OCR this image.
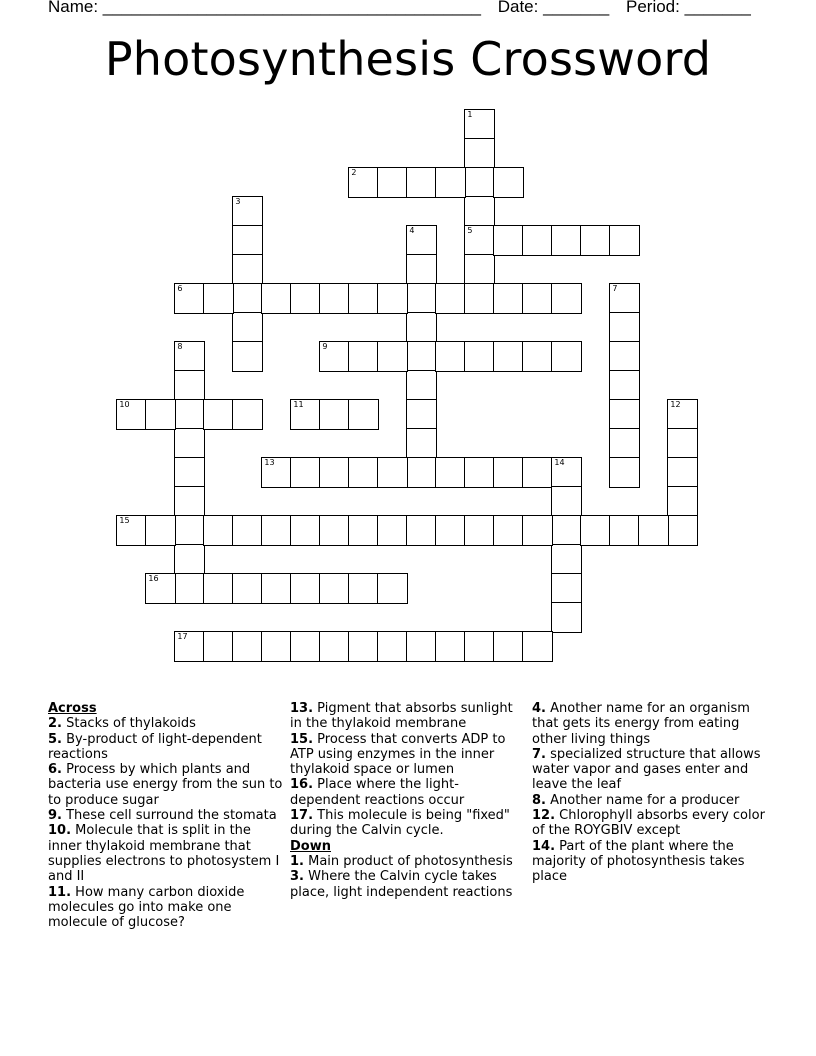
Name: ________________________________________ Date: _______ Period: _______
Photosynthesis Crossword
1
5
2
3
4
6	7
8	9
10	11	12
13	14
15
16
17
Across
2. Stacks of thylakoids
5. By-product of light-dependent reactions
6. Process by which plants and bacteria use energy from the sun to to produce sugar
9. These cell surround the stomata
10. Molecule that is split in the inner thylakoid membrane that supplies electrons to photosystem I and II
11. How many carbon dioxide molecules go into make one molecule of glucose?
13. Pigment that absorbs sunlight in the thylakoid membrane
15. Process that converts ADP to ATP using enzymes in the inner thylakoid space or lumen
16. Place where the light-dependent reactions occur
17. This molecule is being "fixed" during the Calvin cycle.
Down
1. Main product of photosynthesis
3. Where the Calvin cycle takes place, light independent reactions
4. Another name for an organism that gets its energy from eating other living things
7. specialized structure that allows water vapor and gases enter and leave the leaf
8. Another name for a producer
12. Chlorophyll absorbs every color of the ROYGBIV except
14. Part of the plant where the majority of photosynthesis takes place
